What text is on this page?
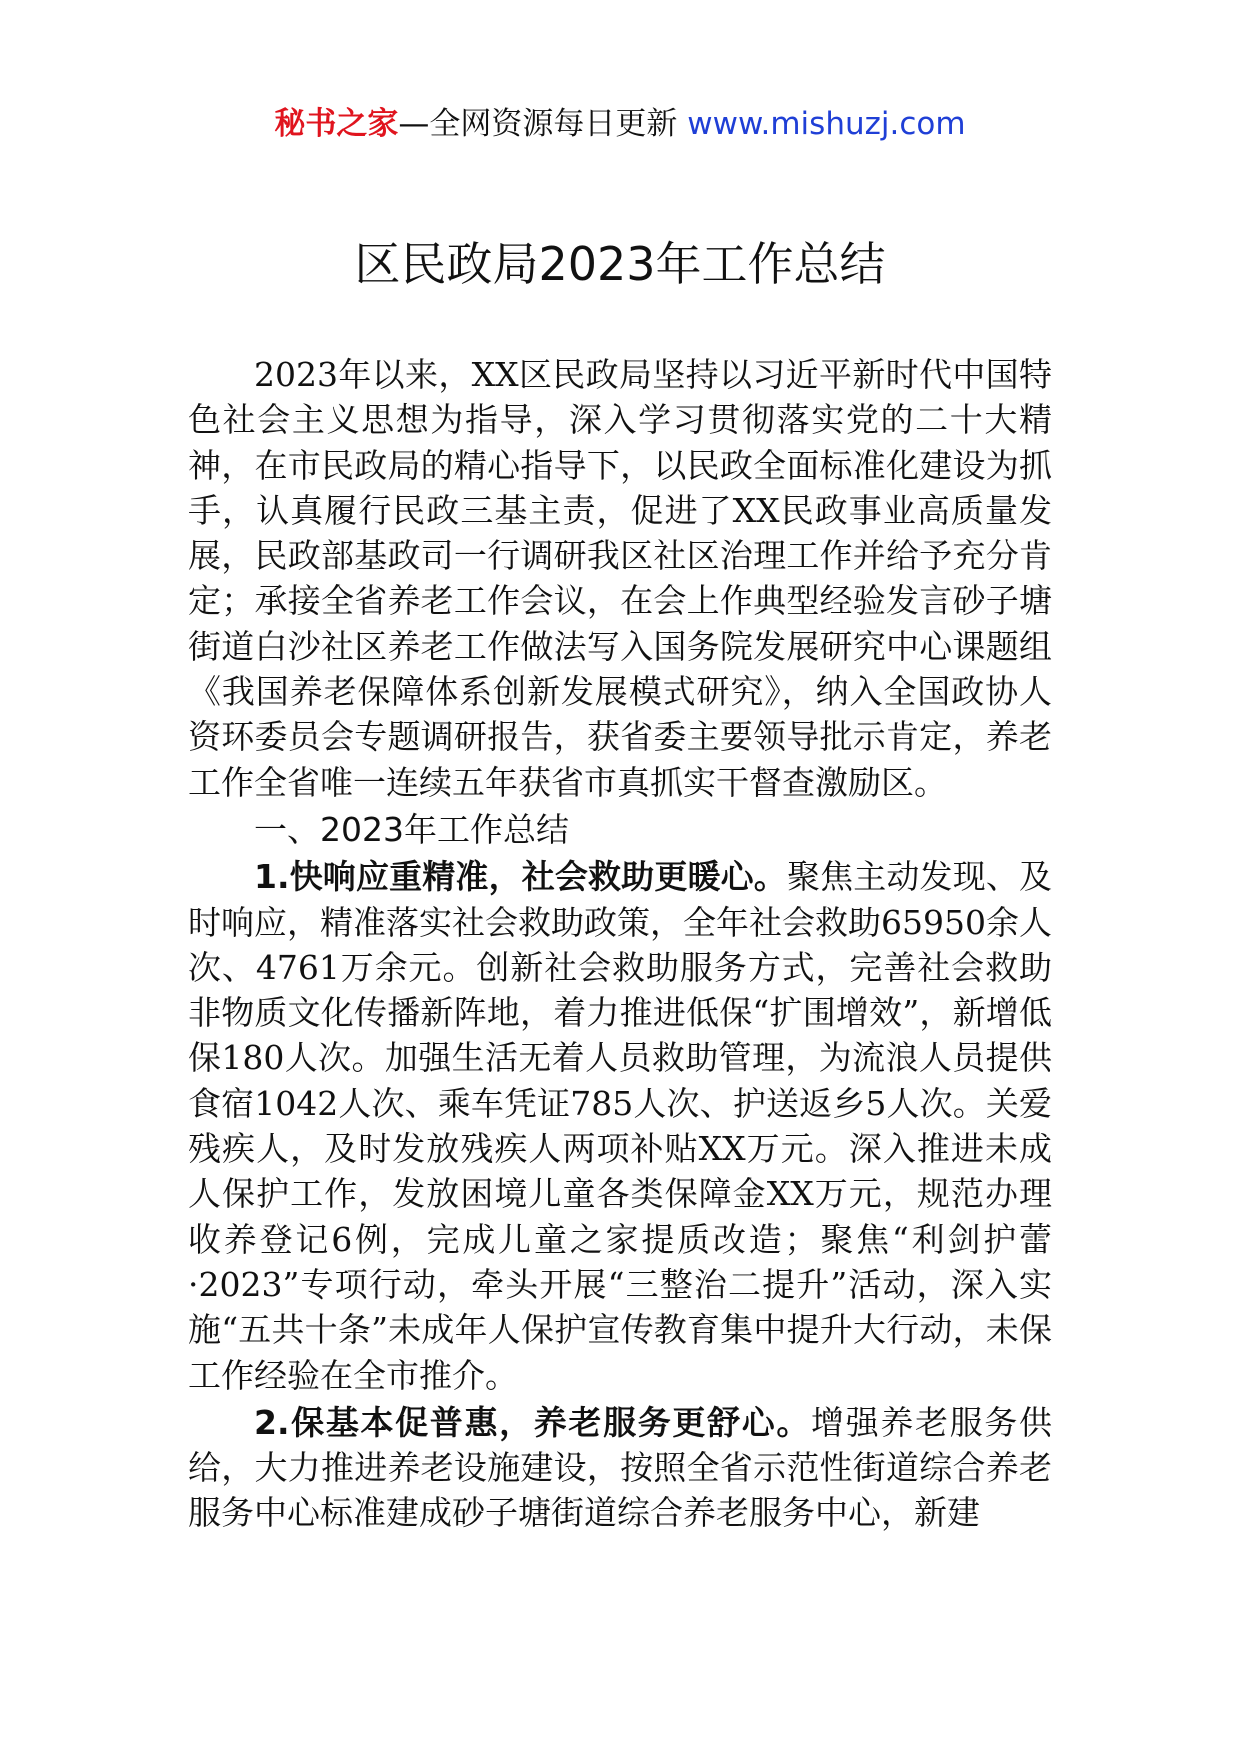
秘书之家—全网资源每日更新 www.mishuzj.com
区民政局2023年工作总结

2023年以来，XX区民政局坚持以习近平新时代中国特色社会主义思想为指导，深入学习贯彻落实党的二十大精神，在市民政局的精心指导下，以民政全面标准化建设为抓手，认真履行民政三基主责，促进了XX民政事业高质量发展，民政部基政司一行调研我区社区治理工作并给予充分肯定；承接全省养老工作会议，在会上作典型经验发言砂子塘街道白沙社区养老工作做法写入国务院发展研究中心课题组《我国养老保障体系创新发展模式研究》，纳入全国政协人资环委员会专题调研报告，获省委主要领导批示肯定，养老工作全省唯一连续五年获省市真抓实干督查激励区。

一、2023年工作总结

1.快响应重精准，社会救助更暖心。聚焦主动发现、及时响应，精准落实社会救助政策，全年社会救助65950余人次、4761万余元。创新社会救助服务方式，完善社会救助非物质文化传播新阵地，着力推进低保“扩围增效”，新增低保180人次。加强生活无着人员救助管理，为流浪人员提供食宿1042人次、乘车凭证785人次、护送返乡5人次。关爱残疾人，及时发放残疾人两项补贴XX万元。深入推进未成人保护工作，发放困境儿童各类保障金XX万元，规范办理收养登记6例，完成儿童之家提质改造；聚焦“利剑护蕾·2023”专项行动，牵头开展“三整治二提升”活动，深入实施“五共十条”未成年人保护宣传教育集中提升大行动，未保工作经验在全市推介。

2.保基本促普惠，养老服务更舒心。增强养老服务供给，大力推进养老设施建设，按照全省示范性街道综合养老服务中心标准建成砂子塘街道综合养老服务中心，新建
